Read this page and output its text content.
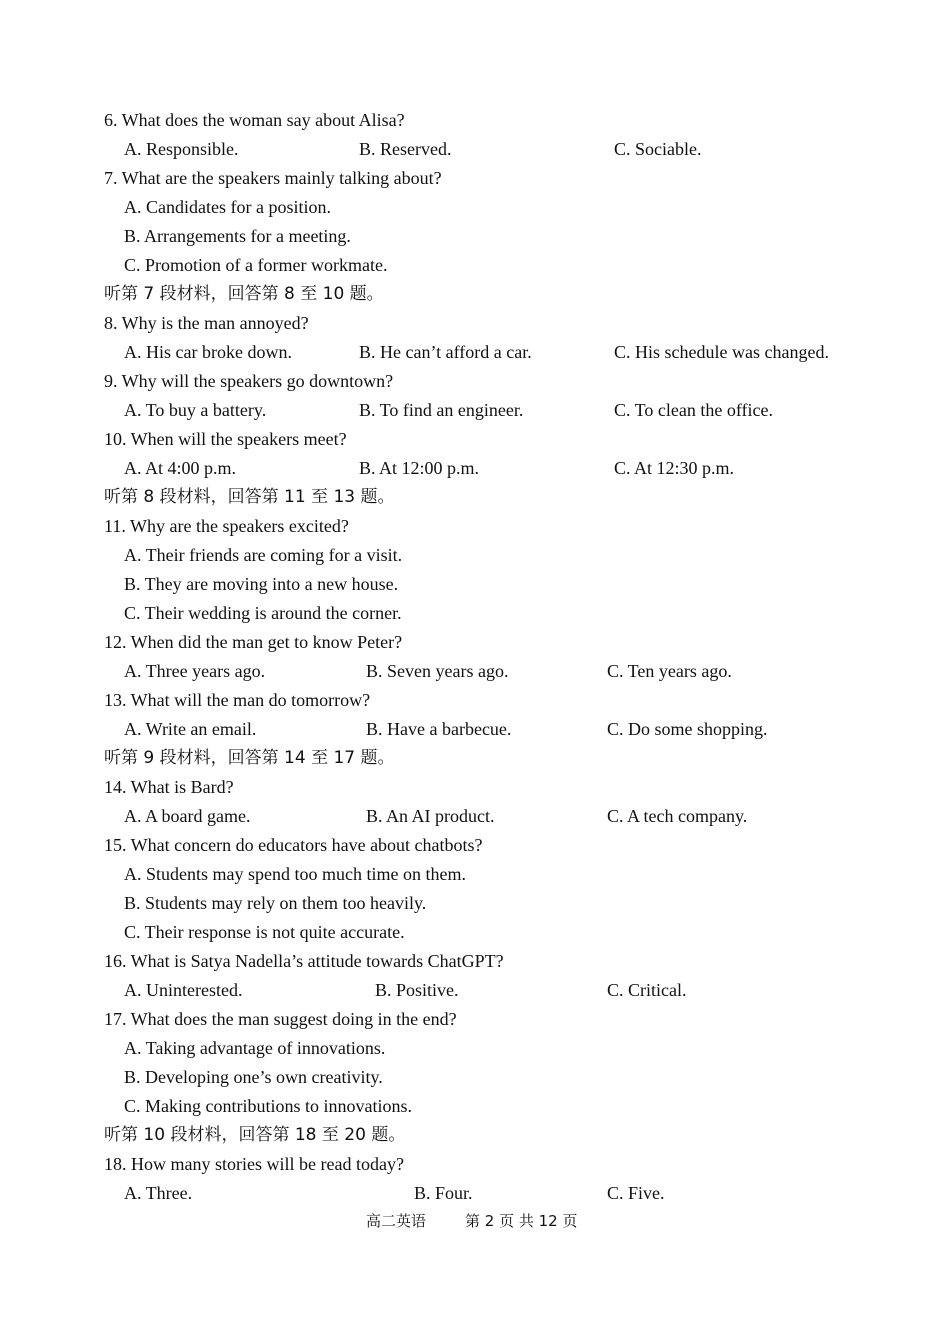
6. What does the woman say about Alisa?
A. Responsible.	B. Reserved.	C. Sociable.
7. What are the speakers mainly talking about?
A. Candidates for a position.
B. Arrangements for a meeting.
C. Promotion of a former workmate.
听第 7 段材料，回答第 8 至 10 题。
8. Why is the man annoyed?
A. His car broke down.	B. He can’t afford a car.	C. His schedule was changed.
9. Why will the speakers go downtown?
A. To buy a battery.	B. To find an engineer.	C. To clean the office.
10. When will the speakers meet?
A. At 4:00 p.m.	B. At 12:00 p.m.	C. At 12:30 p.m.
听第 8 段材料，回答第 11 至 13 题。
11. Why are the speakers excited?
A. Their friends are coming for a visit.
B. They are moving into a new house.
C. Their wedding is around the corner.
12. When did the man get to know Peter?
A. Three years ago.	B. Seven years ago.	C. Ten years ago.
13. What will the man do tomorrow?
A. Write an email.	B. Have a barbecue.	C. Do some shopping.
听第 9 段材料，回答第 14 至 17 题。
14. What is Bard?
A. A board game.	B. An AI product.	C. A tech company.
15. What concern do educators have about chatbots?
A. Students may spend too much time on them.
B. Students may rely on them too heavily.
C. Their response is not quite accurate.
16. What is Satya Nadella’s attitude towards ChatGPT?
A. Uninterested.	B. Positive.	C. Critical.
17. What does the man suggest doing in the end?
A. Taking advantage of innovations.
B. Developing one’s own creativity.
C. Making contributions to innovations.
听第 10 段材料，回答第 18 至 20 题。
18. How many stories will be read today?
A. Three.	B. Four.	C. Five.
高二英语	第 2 页 共 12 页
